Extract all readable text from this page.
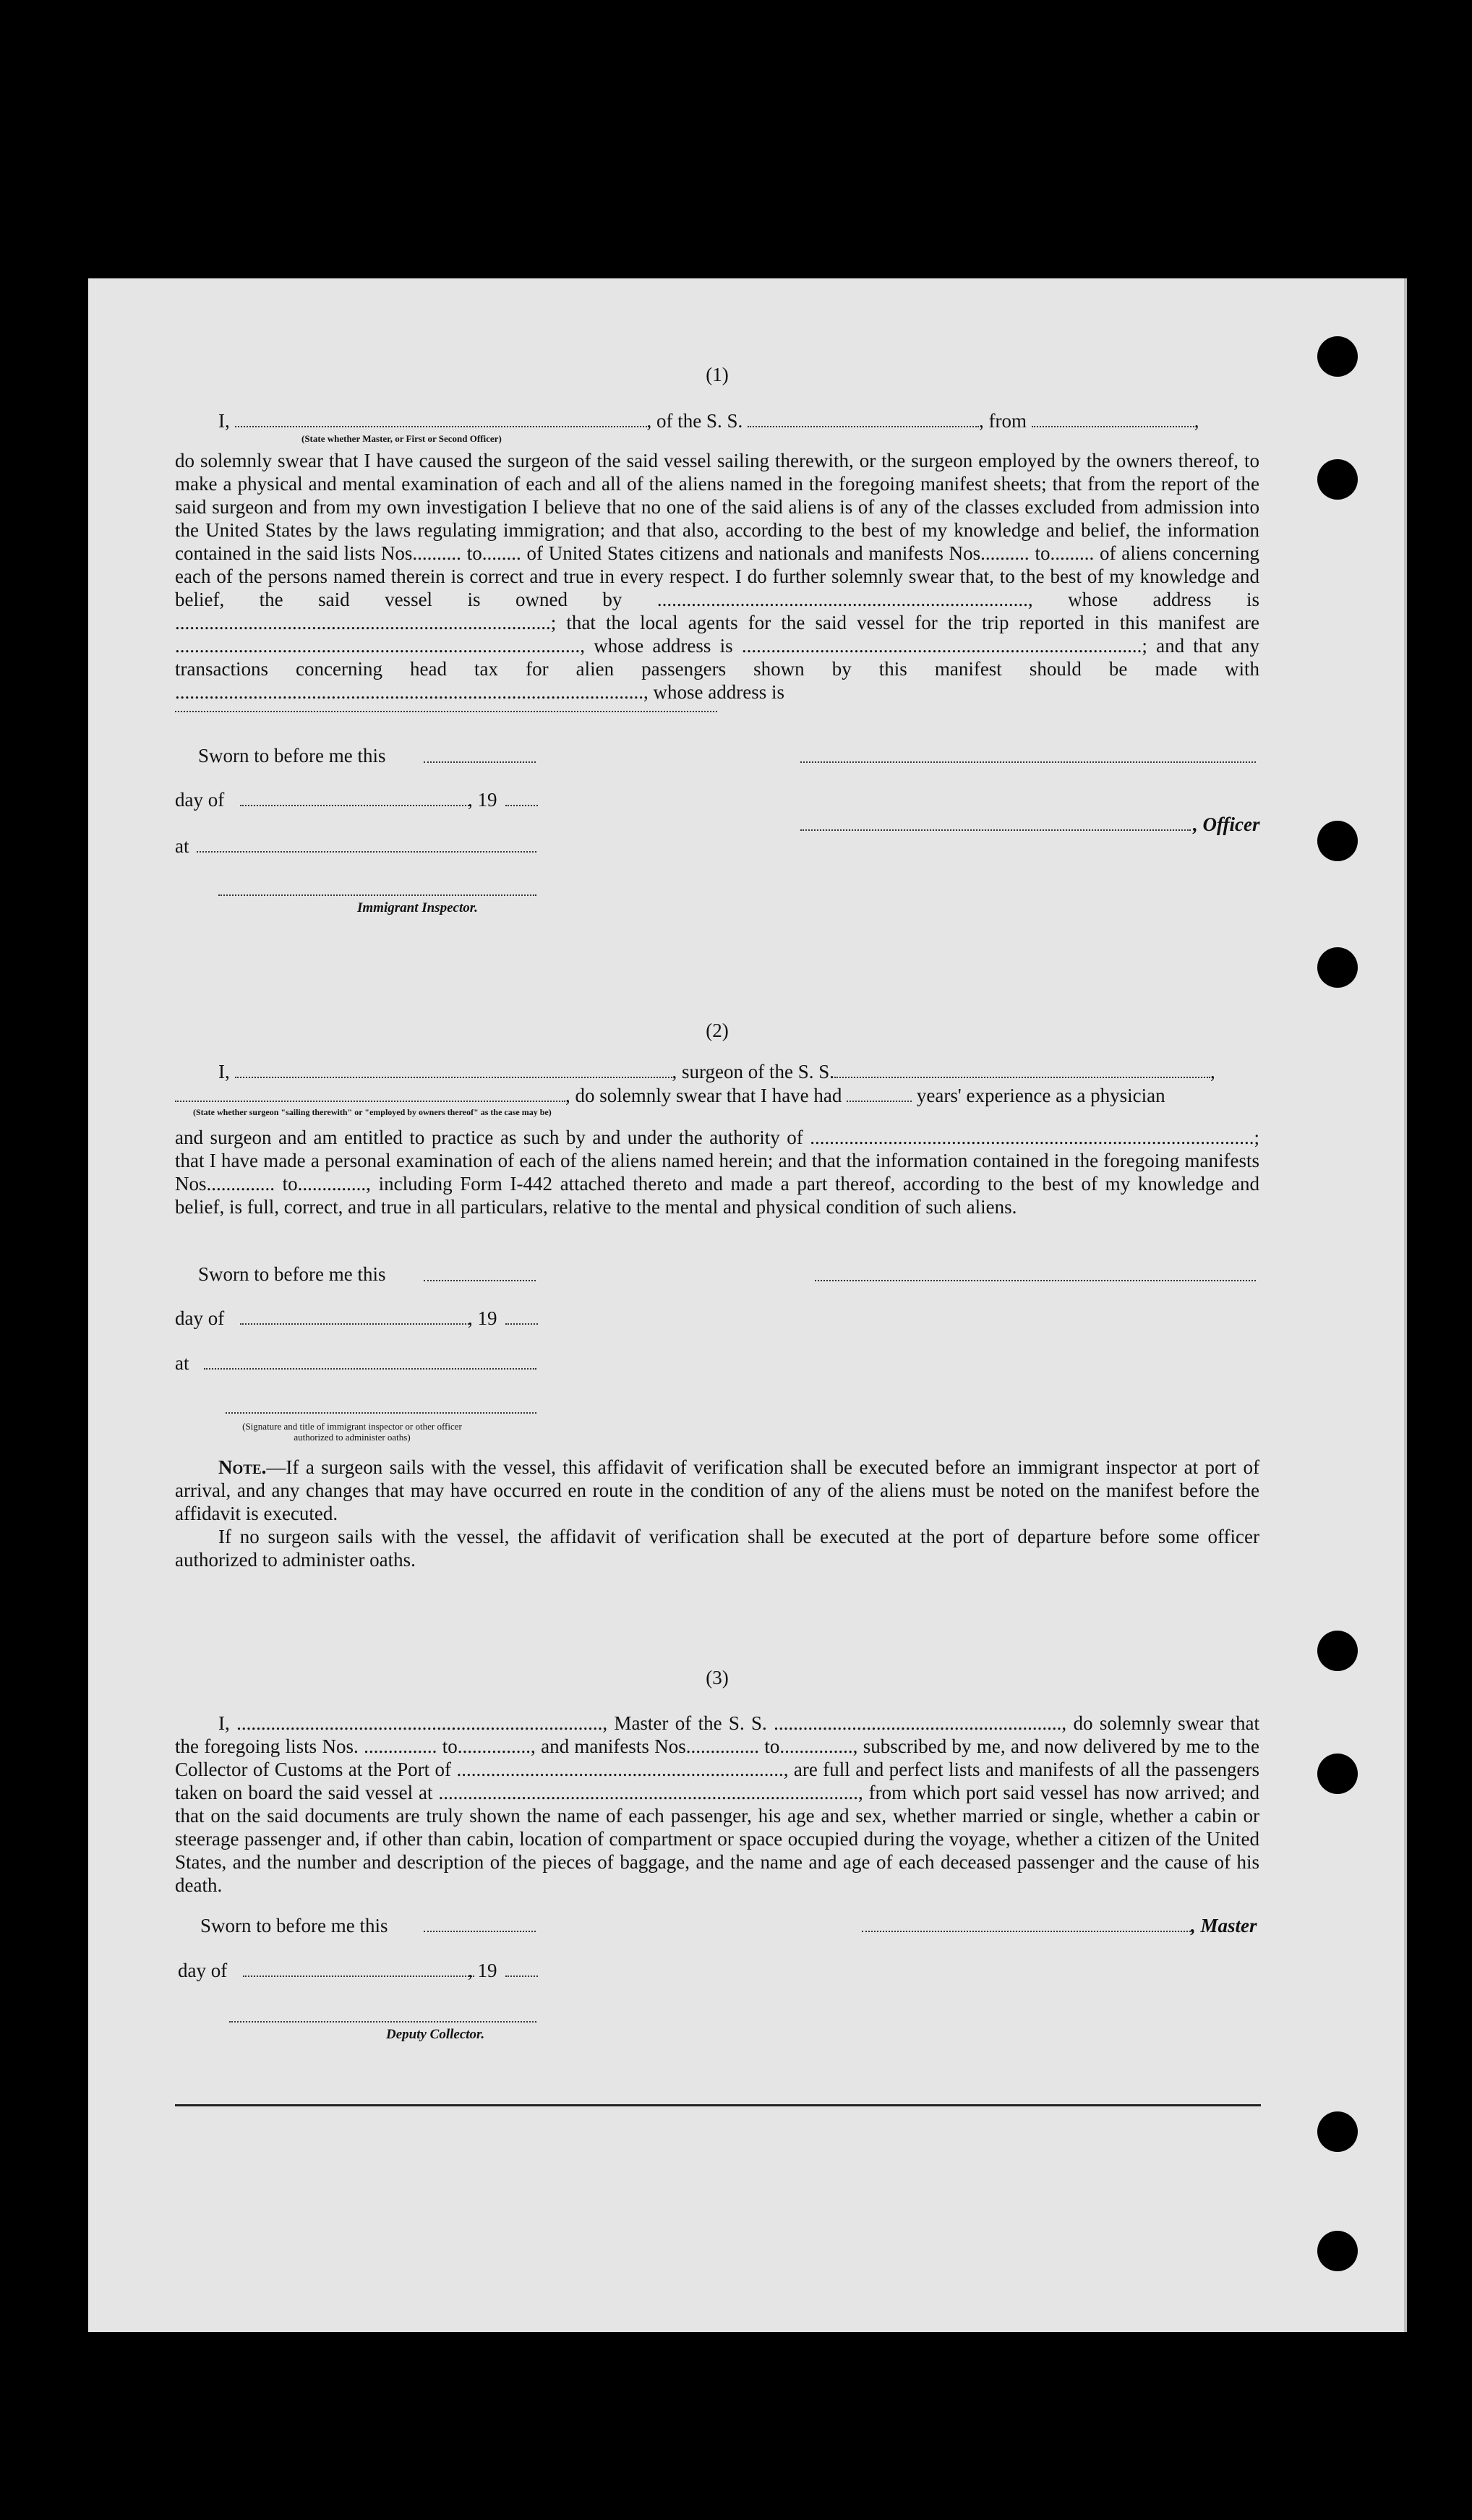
(1)
I,	, of the S. S.	, from	,
(State whether Master, or First or Second Officer)

do solemnly swear that I have caused the surgeon of the said vessel sailing therewith, or the surgeon employed by the owners thereof, to make a physical and mental examination of each and all of the aliens named in the foregoing manifest sheets; that from the report of the said surgeon and from my own investigation I believe that no one of the said aliens is of any of the classes excluded from admission into the United States by the laws regulating immigration; and that also, according to the best of my knowledge and belief, the information contained in the said lists Nos.......... to........ of United States citizens and nationals and manifests Nos.......... to......... of aliens concerning each of the persons named therein is correct and true in every respect. I do further solemnly swear that, to the best of my knowledge and belief, the said vessel is owned by ............................................................................, whose address is .............................................................................; that the local agents for the said vessel for the trip reported in this manifest are ..................................................................................., whose address is ..................................................................................; and that any transactions concerning head tax for alien passengers shown by this manifest should be made with ................................................................................................, whose address is

Sworn to before me this
day of	, 19
, Officer
at
Immigrant Inspector.
(2)
I,	, surgeon of the S. S.	,
, do solemnly swear that I have had	years' experience as a physician
(State whether surgeon "sailing therewith" or "employed by owners thereof" as the case may be)

and surgeon and am entitled to practice as such by and under the authority of ...........................................................................................; that I have made a personal examination of each of the aliens named herein; and that the information contained in the foregoing manifests Nos.............. to.............., including Form I-442 attached thereto and made a part thereof, according to the best of my knowledge and belief, is full, correct, and true in all particulars, relative to the mental and physical condition of such aliens.

Sworn to before me this
day of	, 19
at
(Signature and title of immigrant inspector or other officer authorized to administer oaths)

Note.—If a surgeon sails with the vessel, this affidavit of verification shall be executed before an immigrant inspector at port of arrival, and any changes that may have occurred en route in the condition of any of the aliens must be noted on the manifest before the affidavit is executed.

If no surgeon sails with the vessel, the affidavit of verification shall be executed at the port of departure before some officer authorized to administer oaths.

(3)

I, ..........................................................................., Master of the S. S. ..........................................................., do solemnly swear that the foregoing lists Nos. ............... to..............., and manifests Nos............... to..............., subscribed by me, and now delivered by me to the Collector of Customs at the Port of ..................................................................., are full and perfect lists and manifests of all the passengers taken on board the said vessel at ......................................................................................, from which port said vessel has now arrived; and that on the said documents are truly shown the name of each passenger, his age and sex, whether married or single, whether a cabin or steerage passenger and, if other than cabin, location of compartment or space occupied during the voyage, whether a citizen of the United States, and the number and description of the pieces of baggage, and the name and age of each deceased passenger and the cause of his death.

Sworn to before me this	, Master
day of	, 19
Deputy Collector.
